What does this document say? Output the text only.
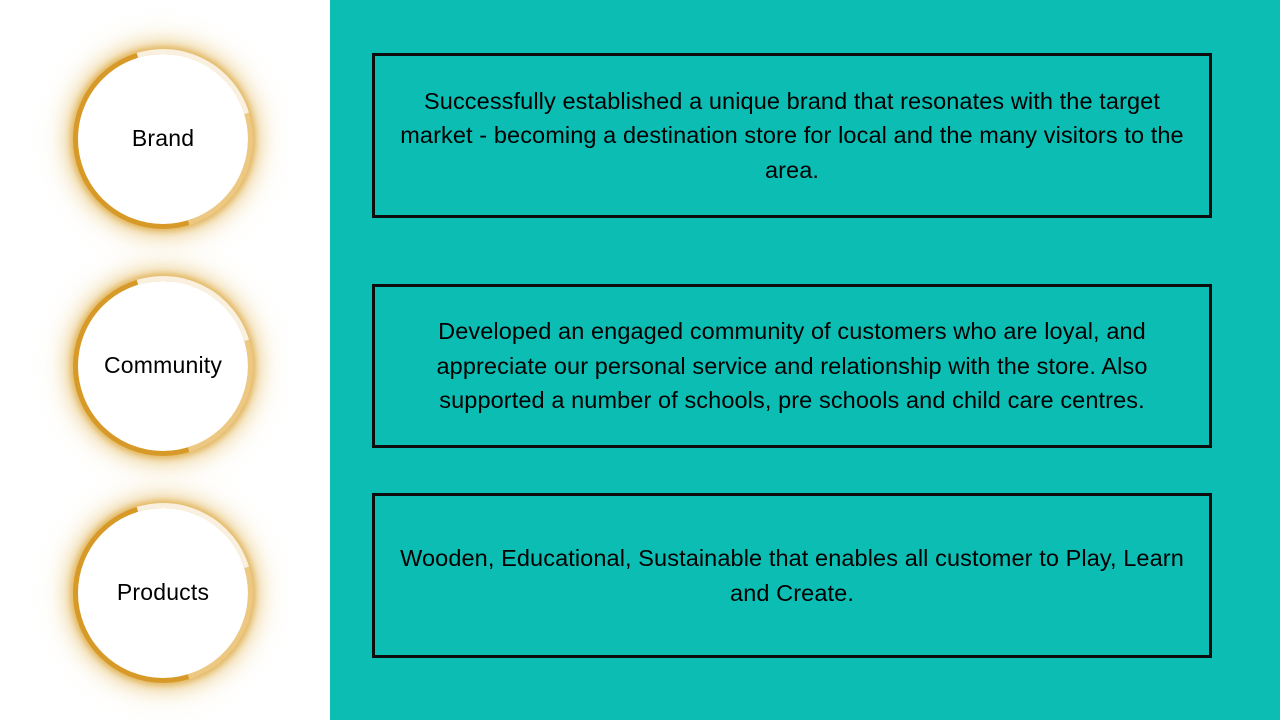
Brand
Community
Products

Successfully established a unique brand that resonates with the target market - becoming a destination store for local and the many visitors to the area.

Developed an engaged community of customers who are loyal, and appreciate our personal service and relationship with the store. Also supported a number of schools, pre schools and child care centres.

Wooden, Educational, Sustainable that enables all customer to Play, Learn and Create.
